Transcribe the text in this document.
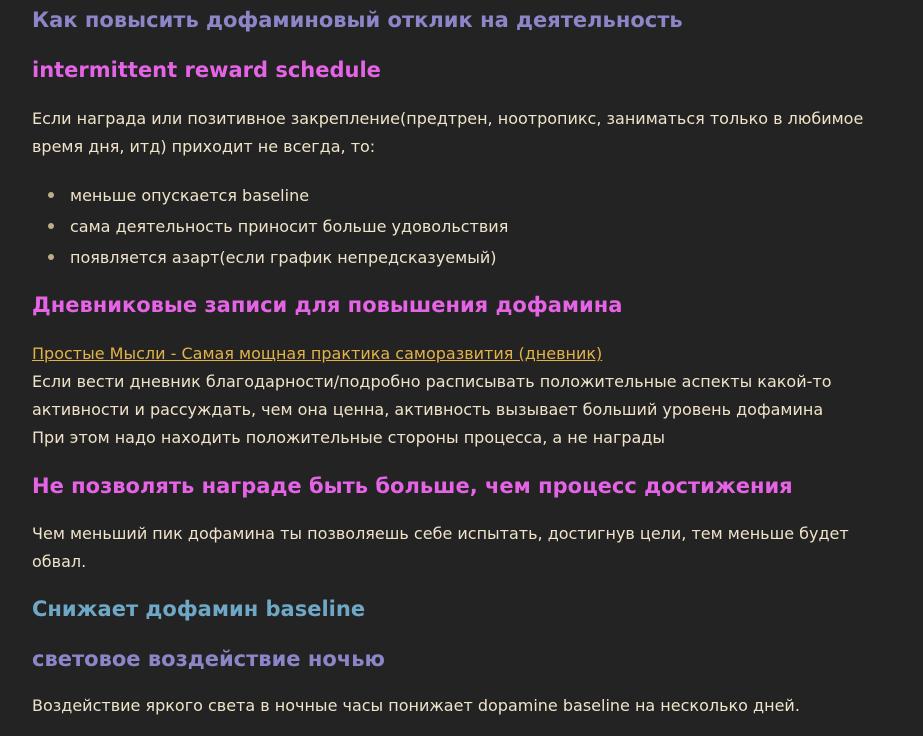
Как повысить дофаминовый отклик на деятельность
intermittent reward schedule
Если награда или позитивное закрепление(предтрен, ноотропикс, заниматься только в любимое
время дня, итд) приходит не всегда, то:
меньше опускается baseline
сама деятельность приносит больше удовольствия
появляется азарт(если график непредсказуемый)
Дневниковые записи для повышения дофамина
Простые Мысли - Самая мощная практика саморазвития (дневник)
Если вести дневник благодарности/подробно расписывать положительные аспекты какой-то
активности и рассуждать, чем она ценна, активность вызывает больший уровень дофамина
При этом надо находить положительные стороны процесса, а не награды
Не позволять награде быть больше, чем процесс достижения
Чем меньший пик дофамина ты позволяешь себе испытать, достигнув цели, тем меньше будет
обвал.
Снижает дофамин baseline
световое воздействие ночью
Воздействие яркого света в ночные часы понижает dopamine baseline на несколько дней.
